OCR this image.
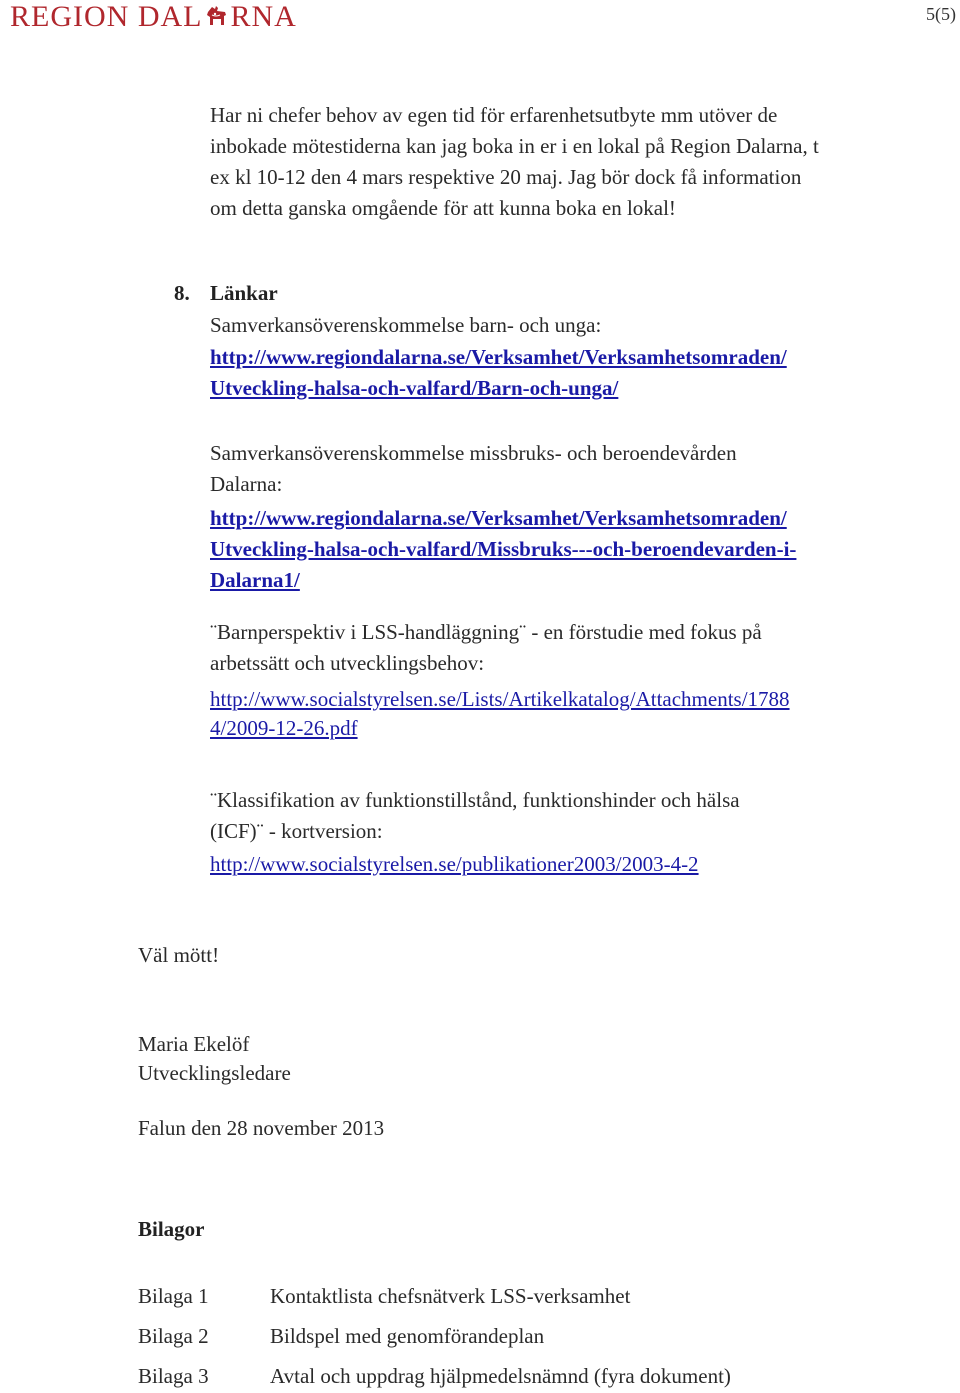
REGION DAL RNA	5(5)
Har ni chefer behov av egen tid för erfarenhetsutbyte mm utöver de
inbokade mötestiderna kan jag boka in er i en lokal på Region Dalarna, t
ex kl 10-12 den 4 mars respektive 20 maj. Jag bör dock få information
om detta ganska omgående för att kunna boka en lokal!
8. Länkar
Samverkansöverenskommelse barn- och unga:
http://www.regiondalarna.se/Verksamhet/Verksamhetsomraden/
Utveckling-halsa-och-valfard/Barn-och-unga/
Samverkansöverenskommelse missbruks- och beroendevården
Dalarna:
http://www.regiondalarna.se/Verksamhet/Verksamhetsomraden/
Utveckling-halsa-och-valfard/Missbruks---och-beroendevarden-i-
Dalarna1/
¨Barnperspektiv i LSS-handläggning¨ - en förstudie med fokus på
arbetssätt och utvecklingsbehov:
http://www.socialstyrelsen.se/Lists/Artikelkatalog/Attachments/1788
4/2009-12-26.pdf
¨Klassifikation av funktionstillstånd, funktionshinder och hälsa
(ICF)¨ - kortversion:
http://www.socialstyrelsen.se/publikationer2003/2003-4-2
Väl mött!
Maria Ekelöf
Utvecklingsledare
Falun den 28 november 2013
Bilagor
Bilaga 1	Kontaktlista chefsnätverk LSS-verksamhet
Bilaga 2	Bildspel med genomförandeplan
Bilaga 3	Avtal och uppdrag hjälpmedelsnämnd (fyra dokument)
